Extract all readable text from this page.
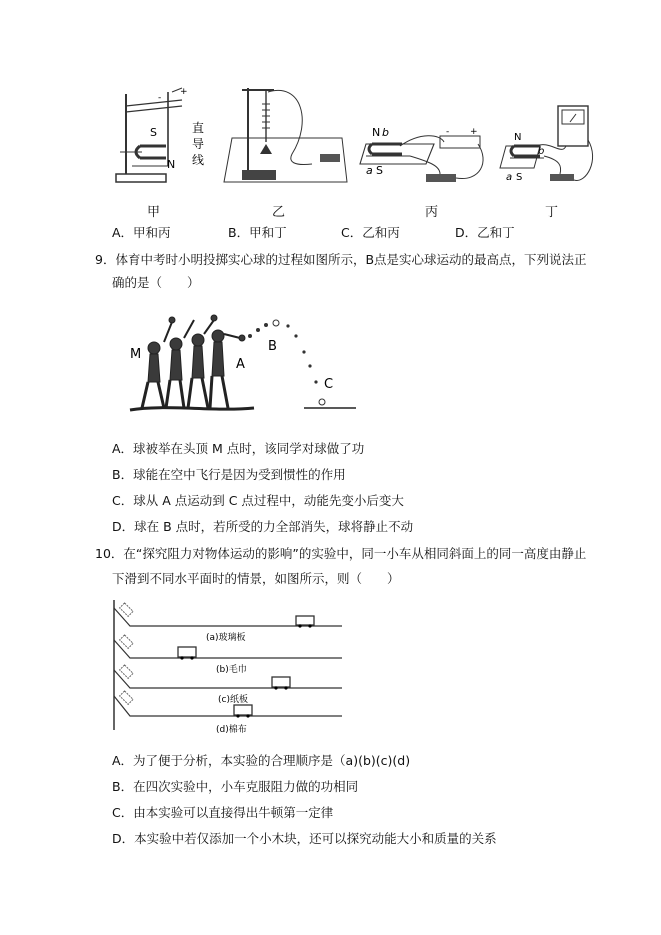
+
-
S
N
直
导
线
N b
a S
- +	N
b
a S
甲	乙	丙	丁
A．甲和丙	B．甲和丁	C．乙和丙	D．乙和丁
9．体育中考时小明投掷实心球的过程如图所示，B点是实心球运动的最高点，下列说法正
确的是（　　）
M
A
B
C
A．球被举在头顶 M 点时，该同学对球做了功
B．球能在空中飞行是因为受到惯性的作用
C．球从 A 点运动到 C 点过程中，动能先变小后变大
D．球在 B 点时，若所受的力全部消失，球将静止不动
10．在“探究阻力对物体运动的影响”的实验中，同一小车从相同斜面上的同一高度由静止
下滑到不同水平面时的情景，如图所示，则（　　）
(a)玻璃板
(b)毛巾
(c)纸板
(d)棉布
A．为了便于分析，本实验的合理顺序是（a)(b)(c)(d)
B．在四次实验中，小车克服阻力做的功相同
C．由本实验可以直接得出牛顿第一定律
D．本实验中若仅添加一个小木块，还可以探究动能大小和质量的关系
